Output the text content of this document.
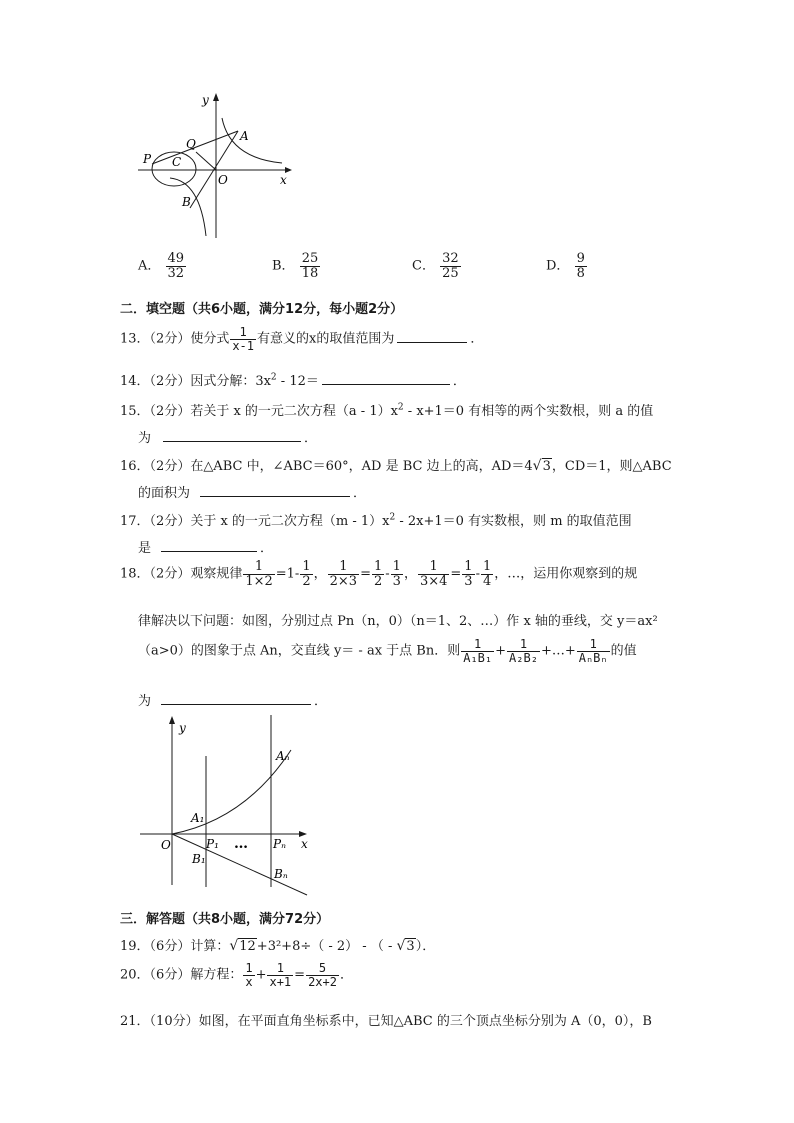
y
x
O
A
B
C
P
Q
A． $\frac{49}{32}$	B． $\frac{25}{18}$	C． $\frac{32}{25}$	D． $\frac{9}{8}$
二．填空题（共6小题，满分12分，每小题2分）
13．（2分）使分式 $\frac{1}{x-1}$ 有意义的x的取值范围为	．
14．（2分）因式分解：$3x^2 - 12=$	．
15．（2分）若关于 x 的一元二次方程$(a - 1)x^2 - x+1=0$ 有相等的两个实数根，则 a 的值
为	．
16．（2分）在△ABC 中，∠ABC＝60°，AD 是 BC 边上的高，AD＝4√3，CD＝1，则△ABC
的面积为	．
17．（2分）关于 x 的一元二次方程$(m - 1)x^2 - 2x+1=0$ 有实数根，则 m 的取值范围
是	．
18．（2分）观察规律 $\frac{1}{1\times 2} =1- \frac{1}{2}$ ， $\frac{1}{2\times 3} = \frac{1}{2} - \frac{1}{3}$ ， $\frac{1}{3\times 4} = \frac{1}{3} - \frac{1}{4}$ ，…，运用你观察到的规
律解决以下问题：如图，分别过点 Pn（n，0）（n＝1、2、…）作 x 轴的垂线，交 y＝ax²
（a>0）的图象于点 An，交直线 y＝ - ax 于点 Bn．则 $\frac{1}{\text{A₁B₁}} + \frac{1}{\text{A₂B₂}}$ +…+ $\frac{1}{\text{AₙBₙ}}$ 的值
为	．
y
x
O
A₁
Aₙ
P₁	Pₙ
B₁
Bₙ
…
三．解答题（共8小题，满分72分）
19．（6分）计算：√12+3²+8÷（ - 2） - （ - √3）．
20．（6分）解方程： $\frac{1}{x} + \frac{1}{x+1} = \frac{5}{2x+2}$ ．
21．（10分）如图，在平面直角坐标系中，已知△ABC 的三个顶点坐标分别为 A（0，0），B
